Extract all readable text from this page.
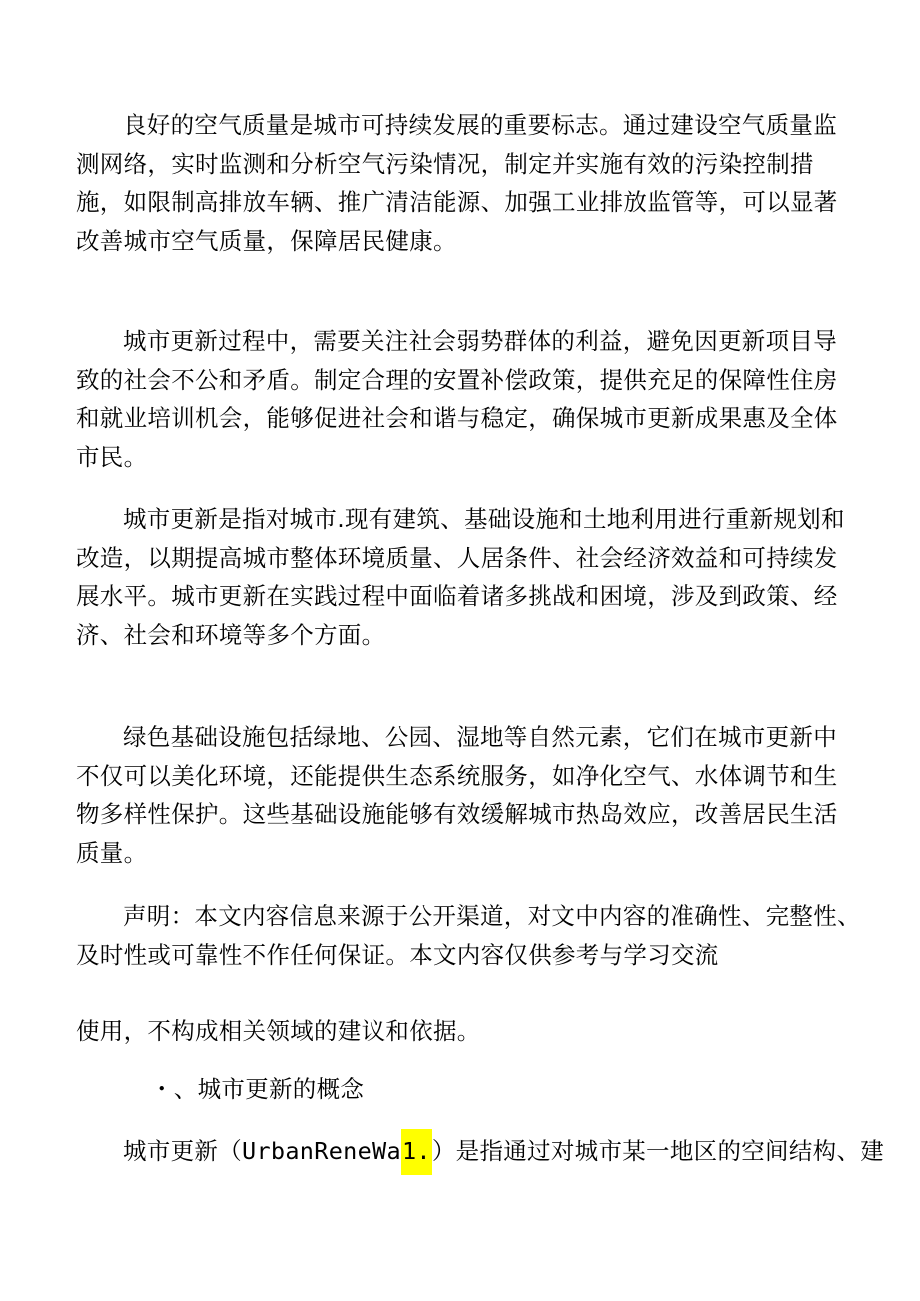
良好的空气质量是城市可持续发展的重要标志。通过建设空气质量监测网络，实时监测和分析空气污染情况，制定并实施有效的污染控制措施，如限制高排放车辆、推广清洁能源、加强工业排放监管等，可以显著改善城市空气质量，保障居民健康。

城市更新过程中，需要关注社会弱势群体的利益，避免因更新项目导致的社会不公和矛盾。制定合理的安置补偿政策，提供充足的保障性住房和就业培训机会，能够促进社会和谐与稳定，确保城市更新成果惠及全体市民。

城市更新是指对城市.现有建筑、基础设施和土地利用进行重新规划和改造，以期提高城市整体环境质量、人居条件、社会经济效益和可持续发展水平。城市更新在实践过程中面临着诸多挑战和困境，涉及到政策、经济、社会和环境等多个方面。

绿色基础设施包括绿地、公园、湿地等自然元素，它们在城市更新中不仅可以美化环境，还能提供生态系统服务，如净化空气、水体调节和生物多样性保护。这些基础设施能够有效缓解城市热岛效应，改善居民生活质量。

声明：本文内容信息来源于公开渠道，对文中内容的准确性、完整性、

及时性或可靠性不作任何保证。本文内容仅供参考与学习交流

使用，不构成相关领域的建议和依据。

・、城市更新的概念

城市更新（UrbanReneWa1.）是指通过对城市某一地区的空间结构、建
